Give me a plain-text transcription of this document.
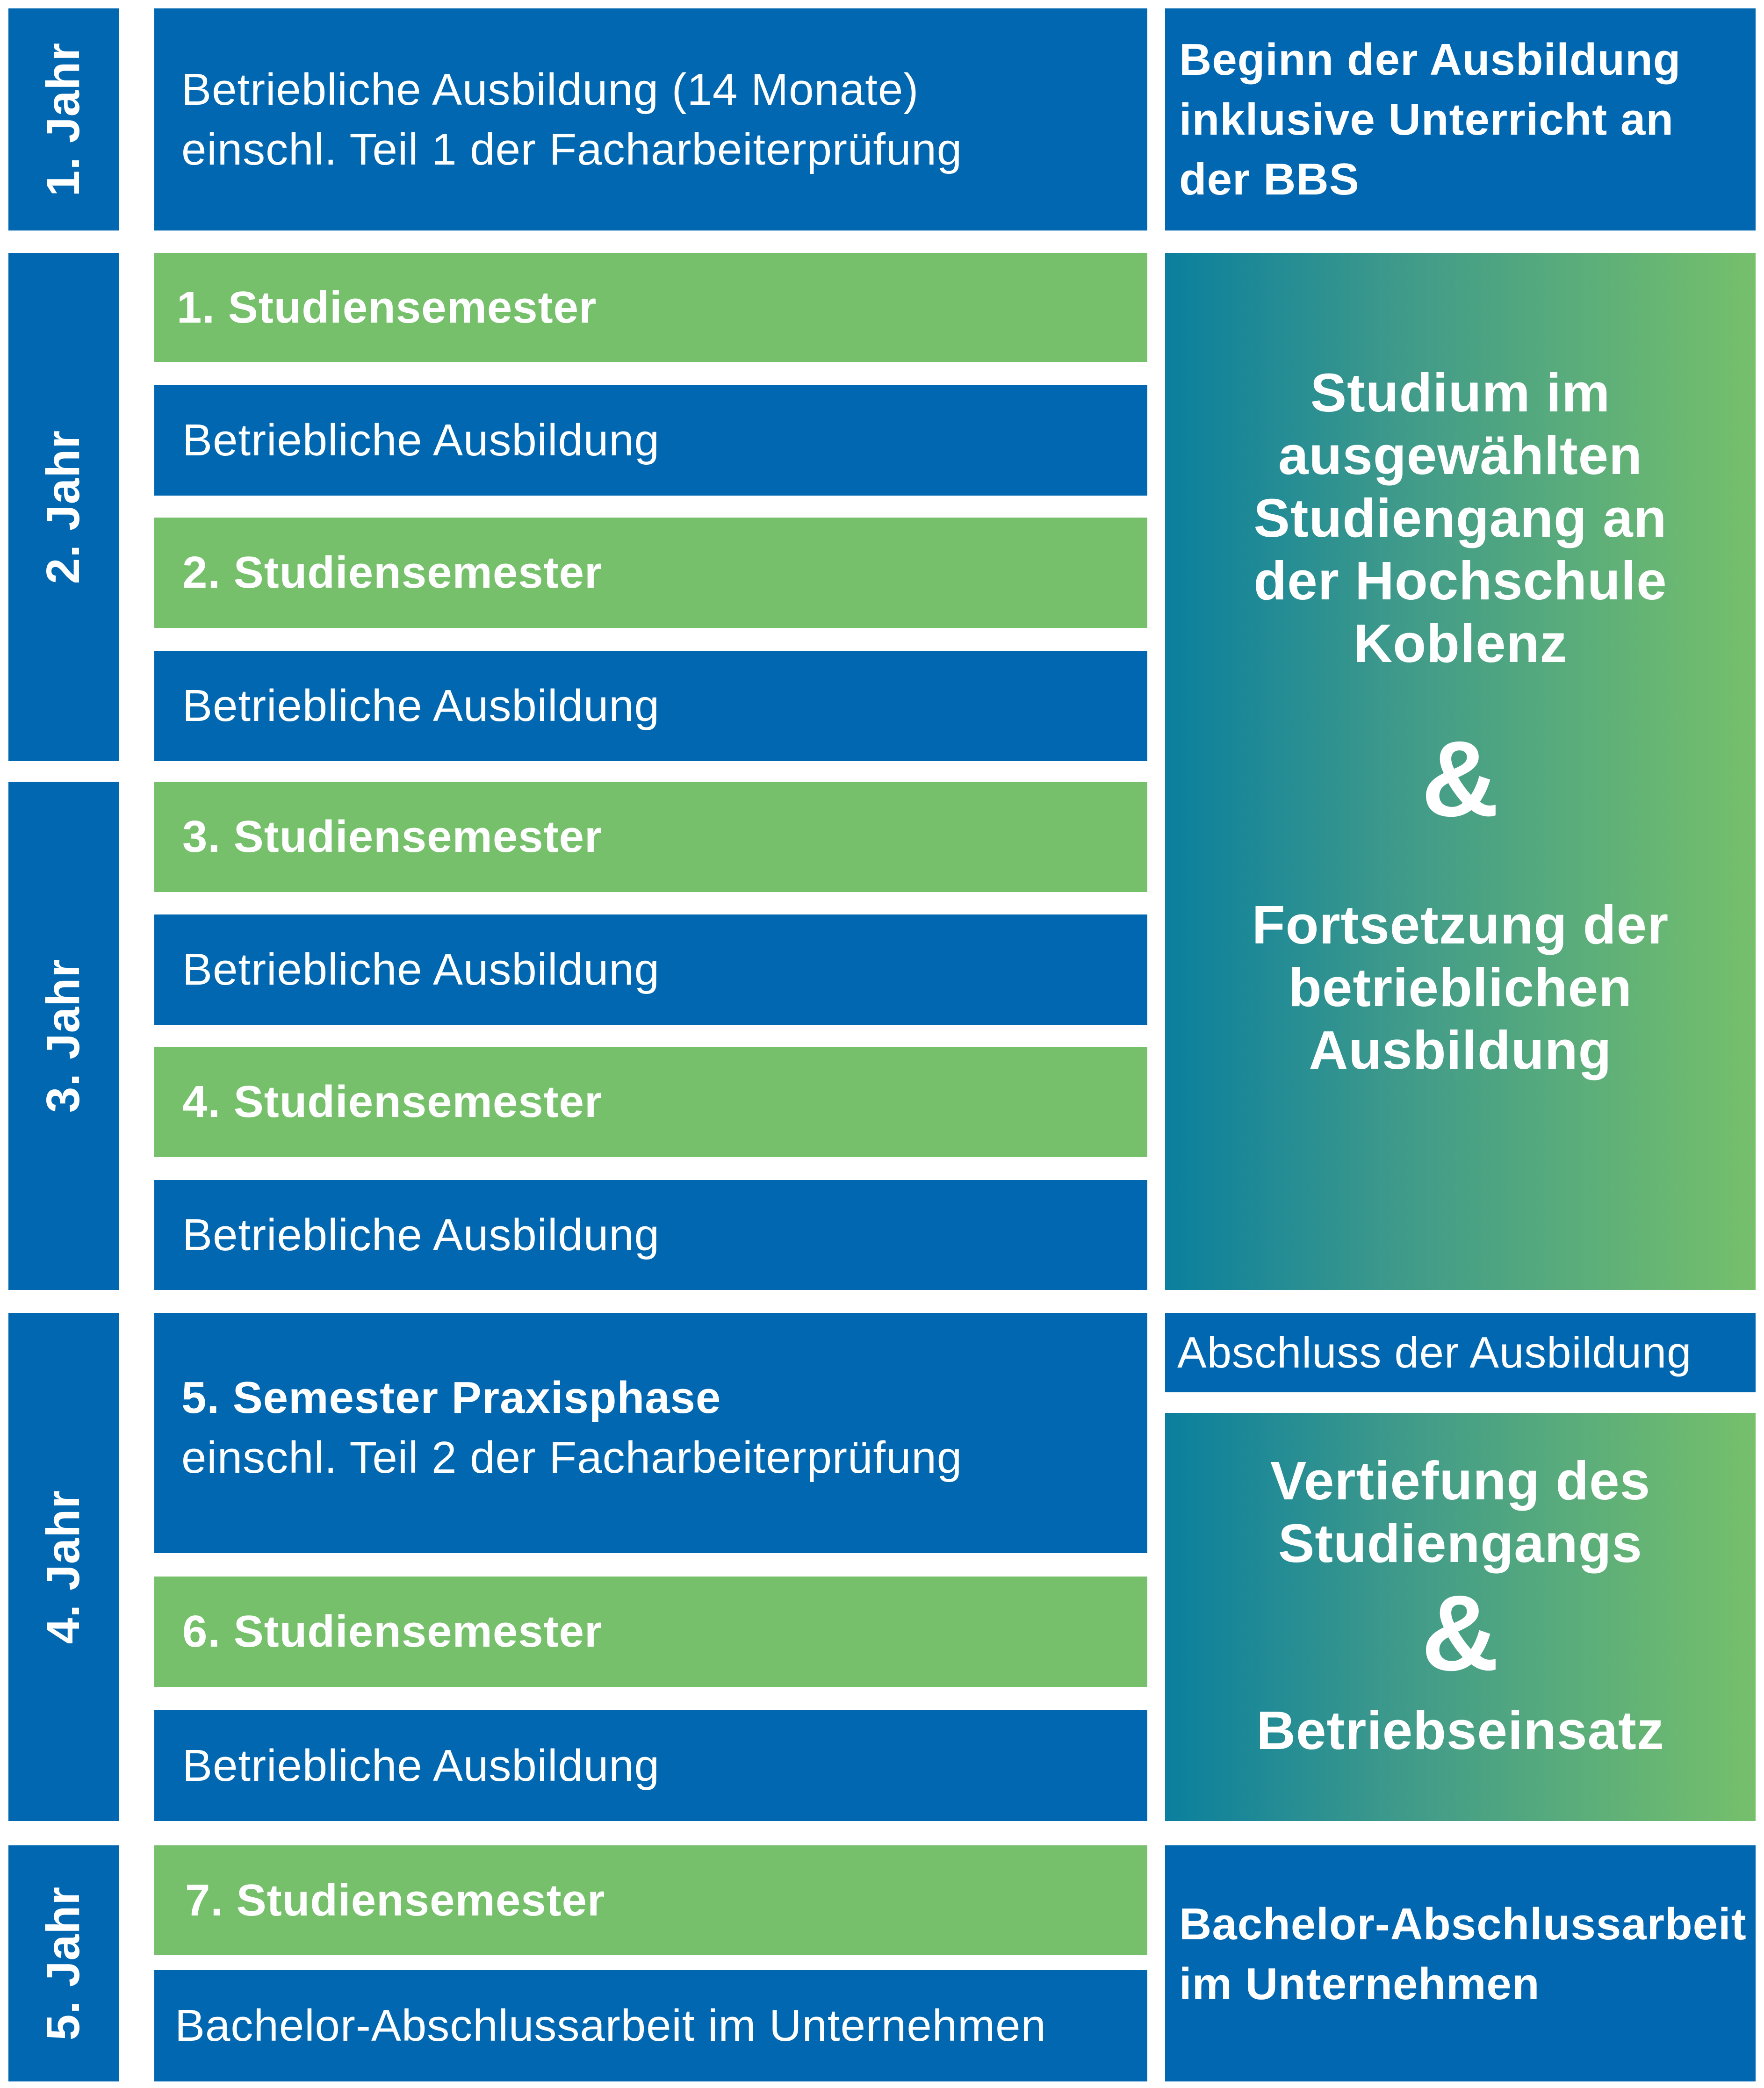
1. Jahr
2. Jahr
3. Jahr
4. Jahr
5. Jahr
Betriebliche Ausbildung (14 Monate)
einschl. Teil 1 der Facharbeiterprüfung
1. Studiensemester
Betriebliche Ausbildung
2. Studiensemester
Betriebliche Ausbildung
3. Studiensemester
Betriebliche Ausbildung
4. Studiensemester
Betriebliche Ausbildung
5. Semester Praxisphase
einschl. Teil 2 der Facharbeiterprüfung
6. Studiensemester
Betriebliche Ausbildung
7. Studiensemester
Bachelor-Abschlussarbeit im Unternehmen
Beginn der Ausbildung
inklusive Unterricht an
der BBS
Studium im
ausgewählten
Studiengang an
der Hochschule
Koblenz
&
Fortsetzung der
betrieblichen
Ausbildung
Abschluss der Ausbildung
Vertiefung des
Studiengangs
&
Betriebseinsatz
Bachelor-Abschlussarbeit
im Unternehmen
